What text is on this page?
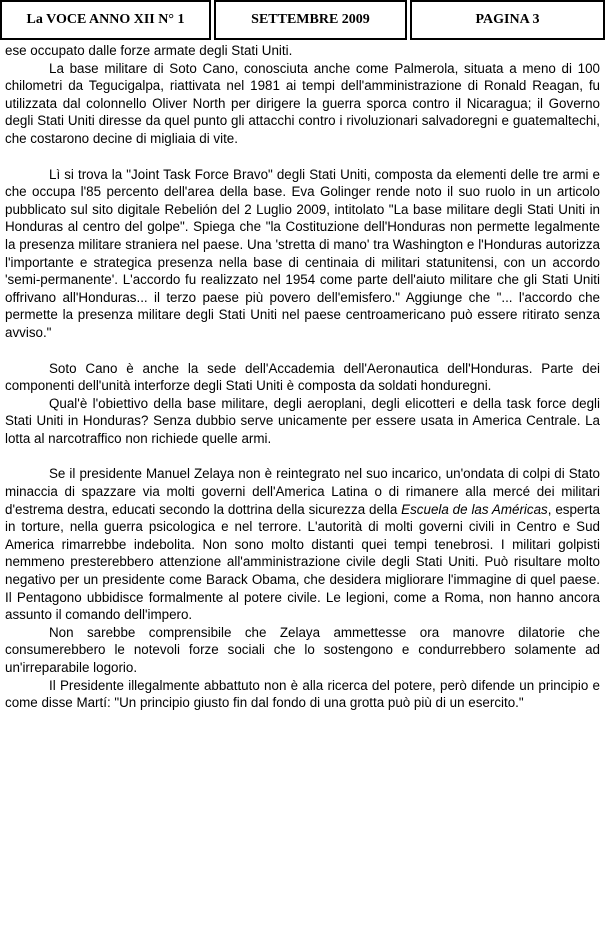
La VOCE ANNO XII N° 1	SETTEMBRE 2009	PAGINA 3

ese occupato dalle forze armate degli Stati Uniti.

La base militare di Soto Cano, conosciuta anche come Palmerola, situata a meno di 100 chilometri da Tegucigalpa, riattivata nel 1981 ai tempi dell'amministrazione di Ronald Reagan, fu utilizzata dal colonnello Oliver North per dirigere la guerra sporca contro il Nicaragua; il Governo degli Stati Uniti diresse da quel punto gli attacchi contro i rivoluzionari salvadoregni e guatemaltechi, che costarono decine di migliaia di vite.

Lì si trova la "Joint Task Force Bravo" degli Stati Uniti, composta da elementi delle tre armi e che occupa l'85 percento dell'area della base. Eva Golinger rende noto il suo ruolo in un articolo pubblicato sul sito digitale Rebelión del 2 Luglio 2009, intitolato "La base militare degli Stati Uniti in Honduras al centro del golpe". Spiega che "la Costituzione dell'Honduras non permette legalmente la presenza militare straniera nel paese. Una 'stretta di mano' tra Washington e l'Honduras autorizza l'importante e strategica presenza nella base di centinaia di militari statunitensi, con un accordo 'semi-permanente'. L'accordo fu realizzato nel 1954 come parte dell'aiuto militare che gli Stati Uniti offrivano all'Honduras... il terzo paese più povero dell'emisfero." Aggiunge che "... l'accordo che permette la presenza militare degli Stati Uniti nel paese centroamericano può essere ritirato senza avviso."

Soto Cano è anche la sede dell'Accademia dell'Aeronautica dell'Honduras. Parte dei componenti dell'unità interforze degli Stati Uniti è composta da soldati honduregni.

Qual'è l'obiettivo della base militare, degli aeroplani, degli elicotteri e della task force degli Stati Uniti in Honduras? Senza dubbio serve unicamente per essere usata in America Centrale. La lotta al narcotraffico non richiede quelle armi.

Se il presidente Manuel Zelaya non è reintegrato nel suo incarico, un'ondata di colpi di Stato minaccia di spazzare via molti governi dell'America Latina o di rimanere alla mercé dei militari d'estrema destra, educati secondo la dottrina della sicurezza della Escuela de las Américas, esperta in torture, nella guerra psicologica e nel terrore. L'autorità di molti governi civili in Centro e Sud America rimarrebbe indebolita. Non sono molto distanti quei tempi tenebrosi. I militari golpisti nemmeno presterebbero attenzione all'amministrazione civile degli Stati Uniti. Può risultare molto negativo per un presidente come Barack Obama, che desidera migliorare l'immagine di quel paese. Il Pentagono ubbidisce formalmente al potere civile. Le legioni, come a Roma, non hanno ancora assunto il comando dell'impero.

Non sarebbe comprensibile che Zelaya ammettesse ora manovre dilatorie che consumerebbero le notevoli forze sociali che lo sostengono e condurrebbero solamente ad un'irreparabile logorio.

Il Presidente illegalmente abbattuto non è alla ricerca del potere, però difende un principio e come disse Martí: "Un principio giusto fin dal fondo di una grotta può più di un esercito."
